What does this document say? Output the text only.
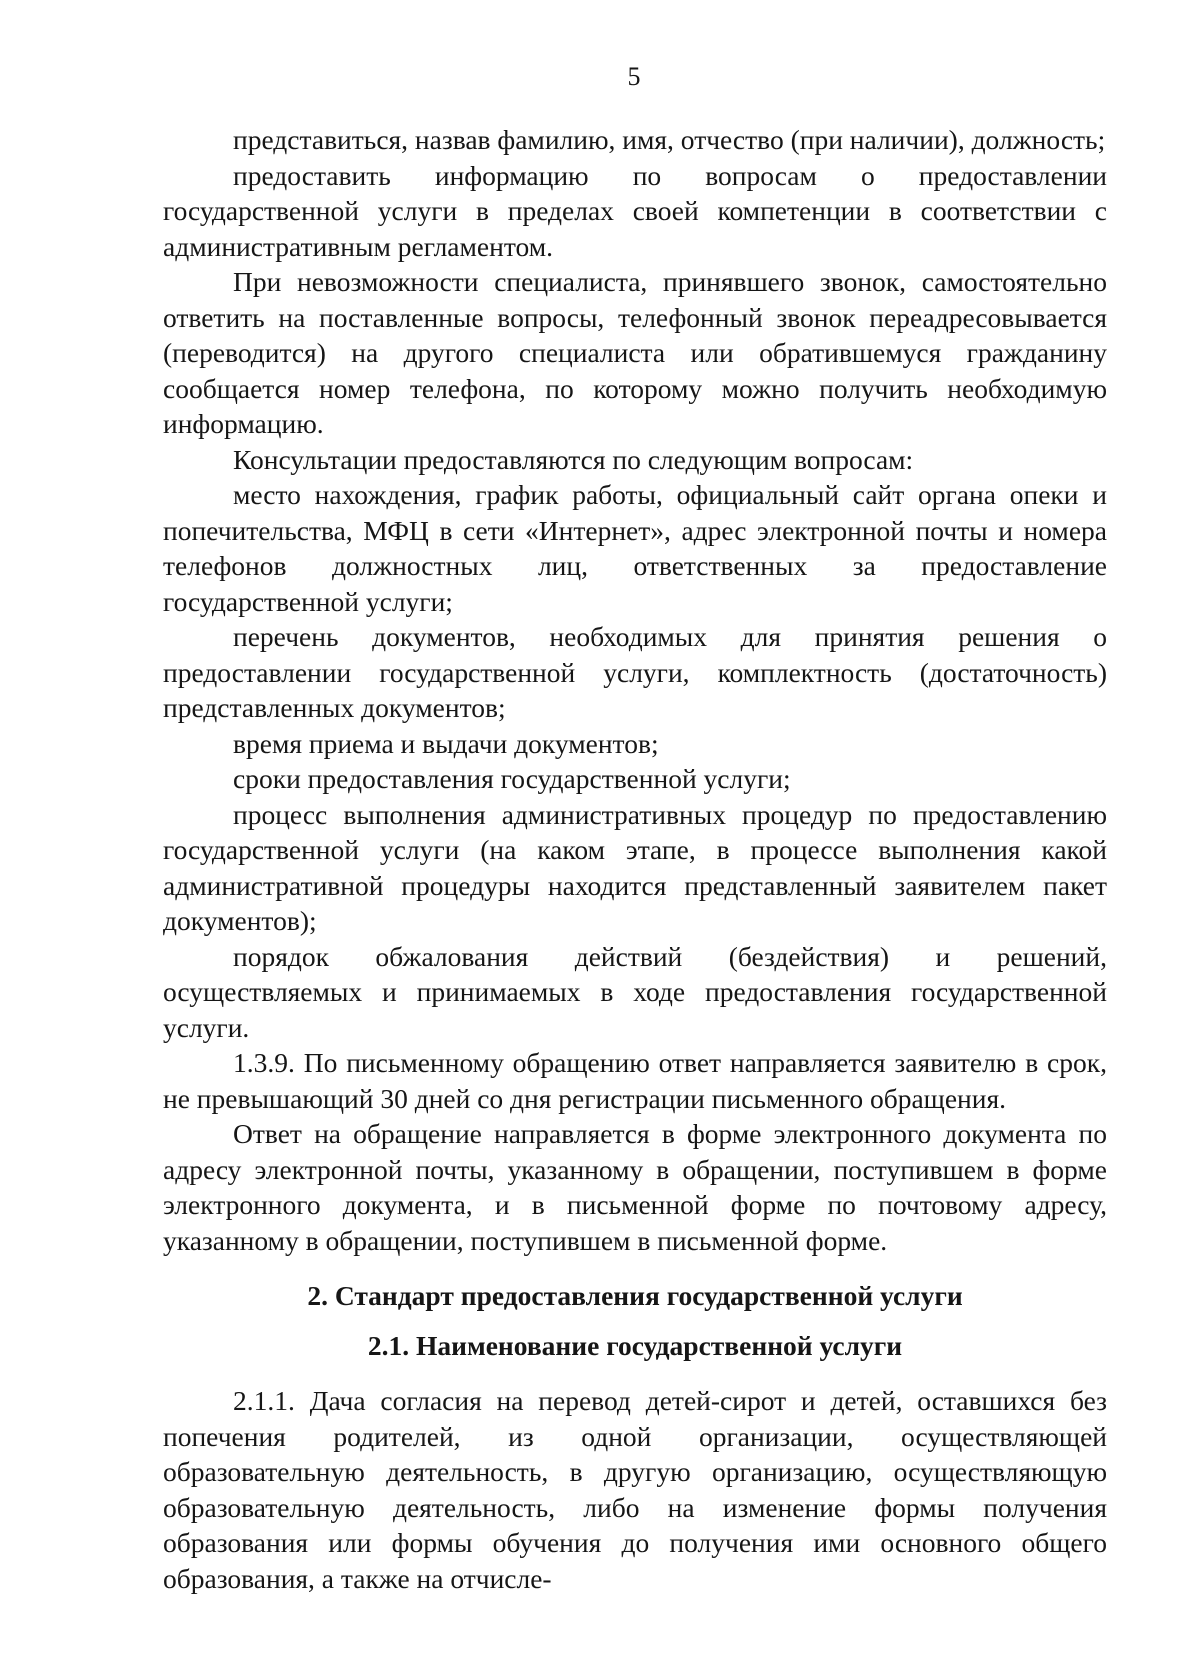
5

представиться, назвав фамилию, имя, отчество (при наличии), должность;

предоставить информацию по вопросам о предоставлении государственной услуги в пределах своей компетенции в соответствии с административным регламентом.

При невозможности специалиста, принявшего звонок, самостоятельно ответить на поставленные вопросы, телефонный звонок переадресовывается (переводится) на другого специалиста или обратившемуся гражданину сообщается номер телефона, по которому можно получить необходимую информацию.

Консультации предоставляются по следующим вопросам:

место нахождения, график работы, официальный сайт органа опеки и попечительства, МФЦ в сети «Интернет», адрес электронной почты и номера телефонов должностных лиц, ответственных за предоставление государственной услуги;

перечень документов, необходимых для принятия решения о предоставлении государственной услуги, комплектность (достаточность) представленных документов;

время приема и выдачи документов;

сроки предоставления государственной услуги;

процесс выполнения административных процедур по предоставлению государственной услуги (на каком этапе, в процессе выполнения какой административной процедуры находится представленный заявителем пакет документов);

порядок обжалования действий (бездействия) и решений, осуществляемых и принимаемых в ходе предоставления государственной услуги.

1.3.9. По письменному обращению ответ направляется заявителю в срок, не превышающий 30 дней со дня регистрации письменного обращения.

Ответ на обращение направляется в форме электронного документа по адресу электронной почты, указанному в обращении, поступившем в форме электронного документа, и в письменной форме по почтовому адресу, указанному в обращении, поступившем в письменной форме.

2. Стандарт предоставления государственной услуги

2.1. Наименование государственной услуги

2.1.1. Дача согласия на перевод детей-сирот и детей, оставшихся без попечения родителей, из одной организации, осуществляющей образовательную деятельность, в другую организацию, осуществляющую образовательную деятельность, либо на изменение формы получения образования или формы обучения до получения ими основного общего образования, а также на отчисле-
